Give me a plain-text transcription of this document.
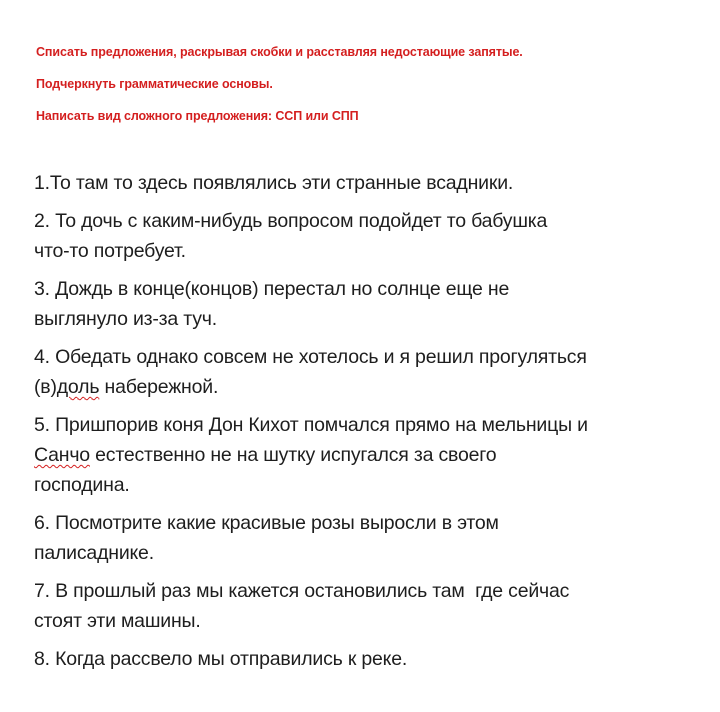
Списать предложения, раскрывая скобки и расставляя недостающие запятые.
Подчеркнуть грамматические основы.
Написать вид сложного предложения: ССП или СПП
1.То там то здесь появлялись эти странные всадники.
2. То дочь с каким-нибудь вопросом подойдет то бабушка
что-то потребует.
3. Дождь в конце(концов) перестал но солнце еще не
выглянуло из-за туч.
4. Обедать однако совсем не хотелось и я решил прогуляться
(в)доль набережной.
5. Пришпорив коня Дон Кихот помчался прямо на мельницы и
Санчо естественно не на шутку испугался за своего
господина.
6. Посмотрите какие красивые розы выросли в этом
палисаднике.
7. В прошлый раз мы кажется остановились там  где сейчас
стоят эти машины.
8. Когда рассвело мы отправились к реке.
